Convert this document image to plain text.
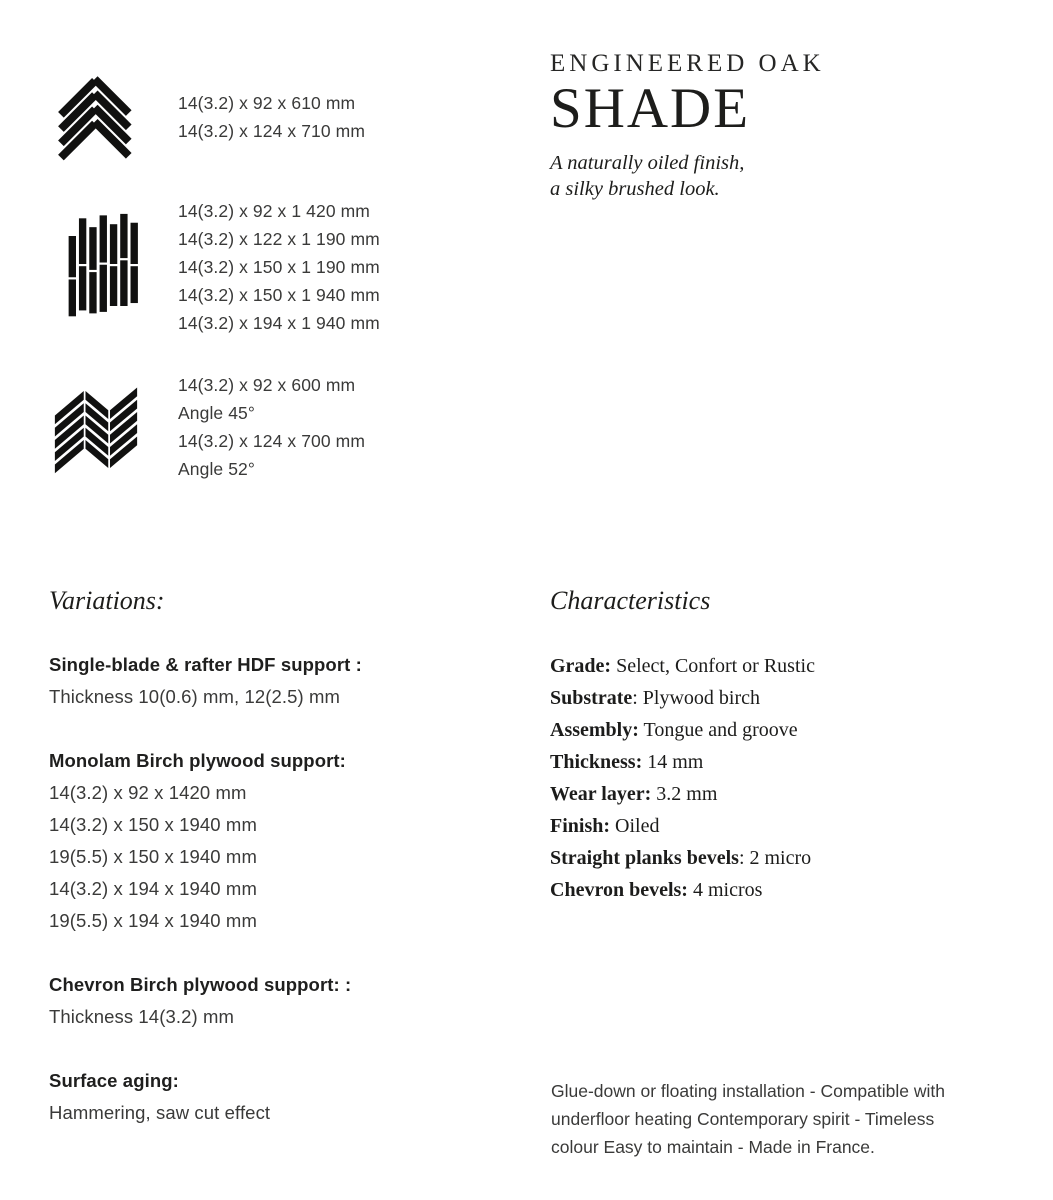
14(3.2) x 92 x 610 mm
14(3.2) x 124 x 710 mm
14(3.2) x 92 x 1 420 mm
14(3.2) x 122 x 1 190 mm
14(3.2) x 150 x 1 190 mm
14(3.2) x 150 x 1 940 mm
14(3.2) x 194 x 1 940 mm
14(3.2) x 92 x 600 mm
Angle 45°
14(3.2) x 124 x 700 mm
Angle 52°
ENGINEERED OAK
SHADE
A naturally oiled finish,
a silky brushed look.
Variations:
Single-blade & rafter HDF support :

Thickness 10(0.6) mm, 12(2.5) mm

Monolam Birch plywood support:

14(3.2) x 92 x 1420 mm

14(3.2) x 150 x 1940 mm

19(5.5) x 150 x 1940 mm

14(3.2) x 194 x 1940 mm

19(5.5) x 194 x 1940 mm

Chevron Birch plywood support: :

Thickness 14(3.2) mm

Surface aging:

Hammering, saw cut effect

Characteristics

Grade: Select, Confort or Rustic

Substrate: Plywood birch

Assembly: Tongue and groove

Thickness: 14 mm

Wear layer: 3.2 mm

Finish: Oiled

Straight planks bevels: 2 micro

Chevron bevels: 4 micros

Glue-down or floating installation - Compatible with underfloor heating Contemporary spirit - Timeless colour Easy to maintain - Made in France.
